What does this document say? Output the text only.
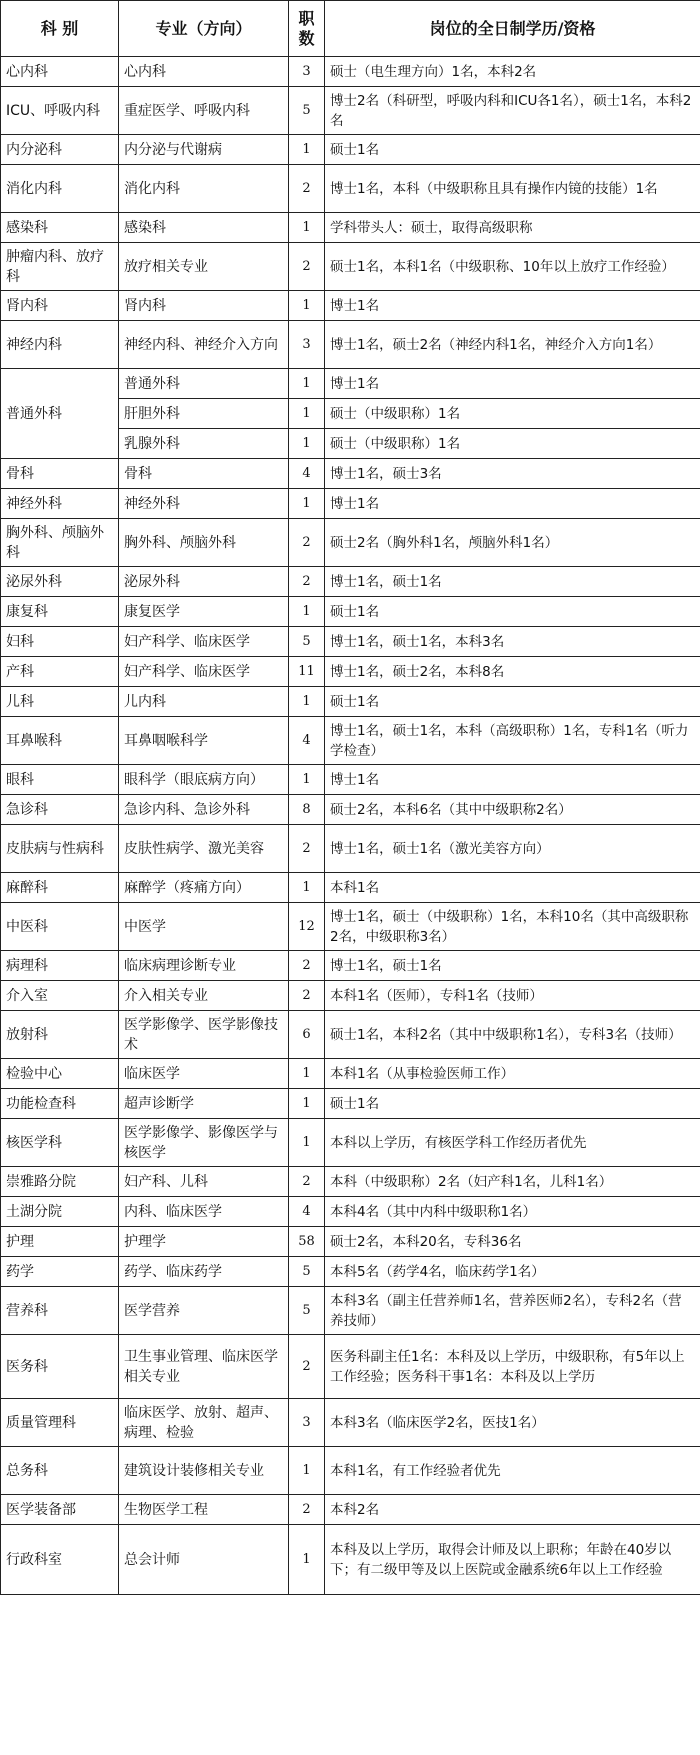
科 别	专业（方向）	职数	岗位的全日制学历/资格
心内科	心内科	3	硕士（电生理方向）1名，本科2名
ICU、呼吸内科	重症医学、呼吸内科	5	博士2名（科研型，呼吸内科和ICU各1名），硕士1名，本科2名
内分泌科	内分泌与代谢病	1	硕士1名
消化内科	消化内科	2	博士1名，本科（中级职称且具有操作内镜的技能）1名
感染科	感染科	1	学科带头人：硕士，取得高级职称
肿瘤内科、放疗科	放疗相关专业	2	硕士1名，本科1名（中级职称、10年以上放疗工作经验）
肾内科	肾内科	1	博士1名
神经内科	神经内科、神经介入方向	3	博士1名，硕士2名（神经内科1名，神经介入方向1名）
普通外科	普通外科	1	博士1名
	肝胆外科	1	硕士（中级职称）1名
	乳腺外科	1	硕士（中级职称）1名
骨科	骨科	4	博士1名，硕士3名
神经外科	神经外科	1	博士1名
胸外科、颅脑外科	胸外科、颅脑外科	2	硕士2名（胸外科1名，颅脑外科1名）
泌尿外科	泌尿外科	2	博士1名，硕士1名
康复科	康复医学	1	硕士1名
妇科	妇产科学、临床医学	5	博士1名，硕士1名，本科3名
产科	妇产科学、临床医学	11	博士1名，硕士2名，本科8名
儿科	儿内科	1	硕士1名
耳鼻喉科	耳鼻咽喉科学	4	博士1名，硕士1名，本科（高级职称）1名，专科1名（听力学检查）
眼科	眼科学（眼底病方向）	1	博士1名
急诊科	急诊内科、急诊外科	8	硕士2名，本科6名（其中中级职称2名）
皮肤病与性病科	皮肤性病学、激光美容	2	博士1名，硕士1名（激光美容方向）
麻醉科	麻醉学（疼痛方向）	1	本科1名
中医科	中医学	12	博士1名，硕士（中级职称）1名，本科10名（其中高级职称2名，中级职称3名）
病理科	临床病理诊断专业	2	博士1名，硕士1名
介入室	介入相关专业	2	本科1名（医师），专科1名（技师）
放射科	医学影像学、医学影像技术	6	硕士1名，本科2名（其中中级职称1名），专科3名（技师）
检验中心	临床医学	1	本科1名（从事检验医师工作）
功能检查科	超声诊断学	1	硕士1名
核医学科	医学影像学、影像医学与核医学	1	本科以上学历，有核医学科工作经历者优先
崇雅路分院	妇产科、儿科	2	本科（中级职称）2名（妇产科1名，儿科1名）
土湖分院	内科、临床医学	4	本科4名（其中内科中级职称1名）
护理	护理学	58	硕士2名，本科20名，专科36名
药学	药学、临床药学	5	本科5名（药学4名，临床药学1名）
营养科	医学营养	5	本科3名（副主任营养师1名，营养医师2名），专科2名（营养技师）
医务科	卫生事业管理、临床医学相关专业	2	医务科副主任1名：本科及以上学历，中级职称，有5年以上工作经验；医务科干事1名：本科及以上学历
质量管理科	临床医学、放射、超声、病理、检验	3	本科3名（临床医学2名，医技1名）
总务科	建筑设计装修相关专业	1	本科1名，有工作经验者优先
医学装备部	生物医学工程	2	本科2名
行政科室	总会计师	1	本科及以上学历，取得会计师及以上职称；年龄在40岁以下；有二级甲等及以上医院或金融系统6年以上工作经验
